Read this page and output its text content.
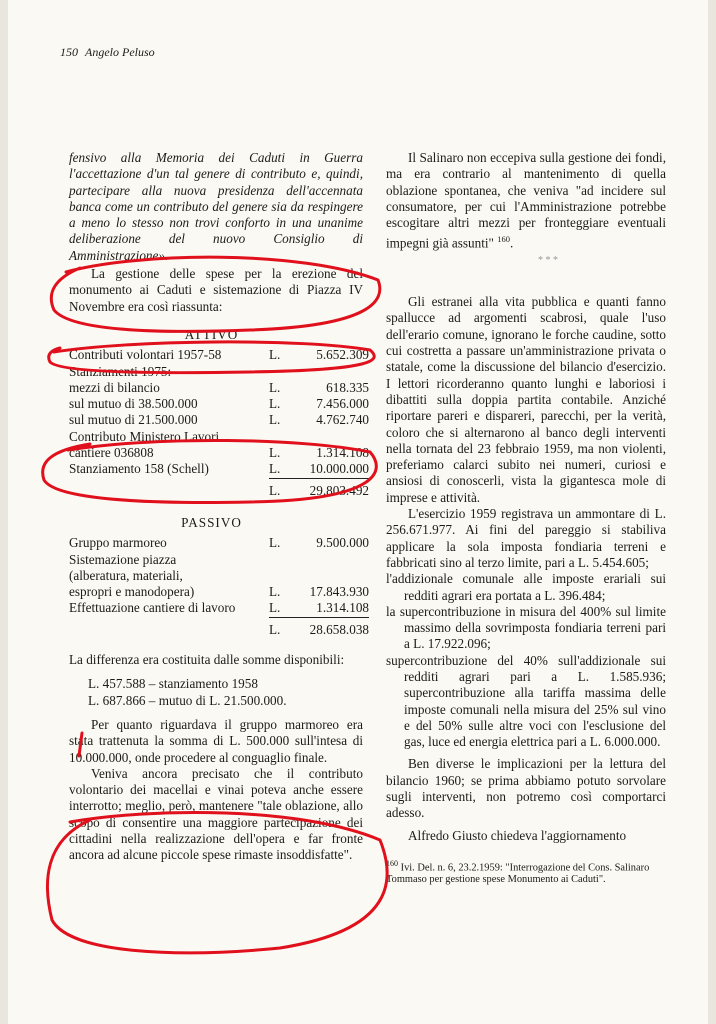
150 Angelo Peluso

fensivo alla Memoria dei Caduti in Guerra l'accettazione d'un tal genere di contributo e, quindi, partecipare alla nuova presidenza dell'accennata banca come un contributo del genere sia da respingere a meno lo stesso non trovi conforto in una unanime deliberazione del nuovo Consiglio di Amministrazione».

La gestione delle spese per la erezione del monumento ai Caduti e sistemazione di Piazza IV Novembre era così riassunta:

ATTIVO
Contributi volontari 1957-58	L.	5.652.309
Stanziamenti 1975:		
mezzi di bilancio	L.	618.335
sul mutuo di 38.500.000	L.	7.456.000
sul mutuo di 21.500.000	L.	4.762.740
Contributo Ministero Lavori		
cantiere 036808	L.	1.314.108
Stanziamento 158 (Schell)	L.	10.000.000
	L.	29.803.492
PASSIVO
Gruppo marmoreo	L.	9.500.000
Sistemazione piazza		
(alberatura, materiali,		
espropri e manodopera)	L.	17.843.930
Effettuazione cantiere di lavoro	L.	1.314.108
	L.	28.658.038

La differenza era costituita dalle somme disponibili:

L. 457.588 – stanziamento 1958
L. 687.866 – mutuo di L. 21.500.000.

Per quanto riguardava il gruppo marmoreo era stata trattenuta la somma di L. 500.000 sull'intesa di 10.000.000, onde procedere al conguaglio finale.

Veniva ancora precisato che il contributo volontario dei macellai e vinai poteva anche essere interrotto; meglio, però, mantenere "tale oblazione, allo scopo di consentire una maggiore partecipazione dei cittadini nella realizzazione dell'opera e far fronte ancora ad alcune piccole spese rimaste insoddisfatte".

Il Salinaro non eccepiva sulla gestione dei fondi, ma era contrario al mantenimento di quella oblazione spontanea, che veniva "ad incidere sul consumatore, per cui l'Amministrazione potrebbe escogitare altri mezzi per fronteggiare eventuali impegni già assunti" $^{160}$.

Gli estranei alla vita pubblica e quanti fanno spallucce ad argomenti scabrosi, quale l'uso dell'erario comune, ignorano le forche caudine, sotto cui costretta a passare un'amministrazione privata o statale, come la discussione del bilancio d'esercizio. I lettori ricorderanno quanto lunghi e laboriosi i dibattiti sulla doppia partita contabile. Anziché riportare pareri e dispareri, parecchi, per la verità, coloro che si alternarono al banco degli interventi nella tornata del 23 febbraio 1959, ma non violenti, preferiamo calarci subito nei numeri, curiosi e ansiosi di conoscerli, vista la gigantesca mole di imprese e attività.

L'esercizio 1959 registrava un ammontare di L. 256.671.977. Ai fini del pareggio si stabiliva applicare la sola imposta fondiaria terreni e fabbricati sino al terzo limite, pari a L. 5.454.605;

l'addizionale comunale alle imposte erariali sui redditi agrari era portata a L. 396.484;

la supercontribuzione in misura del 400% sul limite massimo della sovrimposta fondiaria terreni pari a L. 17.922.096;

supercontribuzione del 40% sull'addizionale sui redditi agrari pari a L. 1.585.936; supercontribuzione alla tariffa massima delle imposte comunali nella misura del 25% sul vino e del 50% sulle altre voci con l'esclusione del gas, luce ed energia elettrica pari a L. 6.000.000.

Ben diverse le implicazioni per la lettura del bilancio 1960; se prima abbiamo potuto sorvolare sugli interventi, non potremo così comportarci adesso.

Alfredo Giusto chiedeva l'aggiornamento

$^{160}$ Ivi. Del. n. 6, 23.2.1959: "Interrogazione del Cons. Salinaro Tommaso per gestione spese Monumento ai Caduti".
* * *
